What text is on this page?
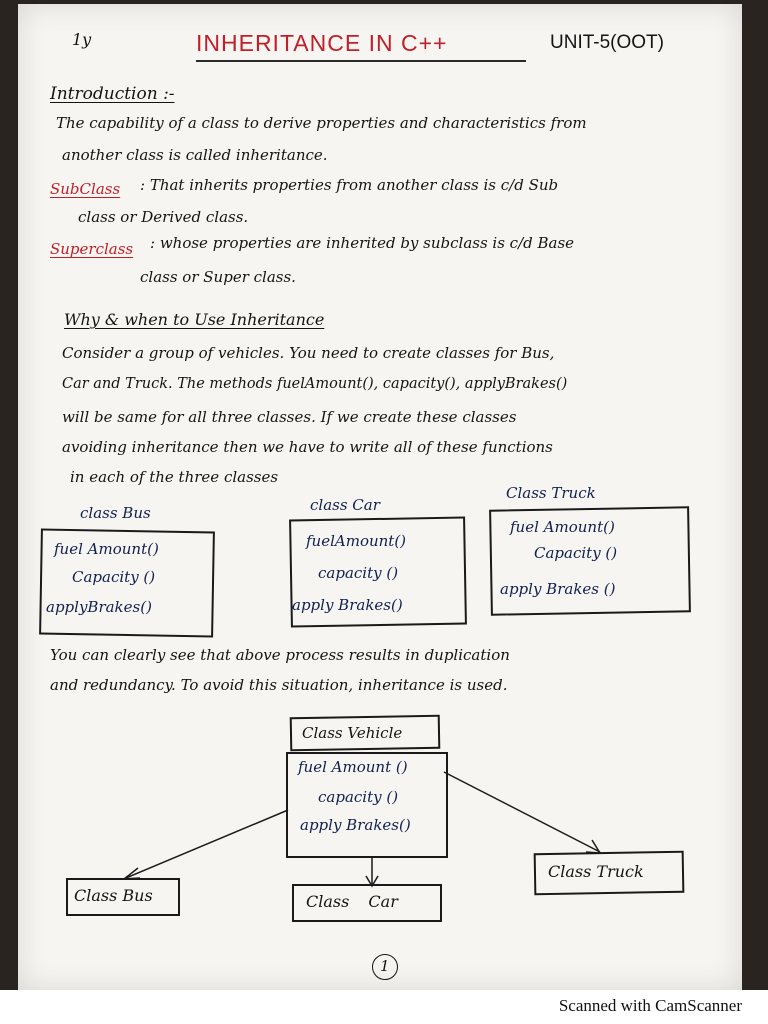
1y	INHERITANCE IN C++	UNIT-5(OOT)
Introduction :-
The capability of a class to derive properties and characteristics from
another class is called inheritance.
SubClass : That inherits properties from another class is c/d Sub
class or Derived class.
Superclass : whose properties are inherited by subclass is c/d Base
class or Super class.
Why & when to Use Inheritance
Consider a group of vehicles. You need to create classes for Bus,
Car and Truck. The methods fuelAmount(), capacity(), applyBrakes()
will be same for all three classes. If we create these classes
avoiding inheritance then we have to write all of these functions
in each of the three classes
class Bus
fuel Amount()
Capacity ()
applyBrakes()
class Car
fuelAmount()
capacity ()
apply Brakes()
Class Truck
fuel Amount()
Capacity ()
apply Brakes ()
You can clearly see that above process results in duplication
and redundancy. To avoid this situation, inheritance is used.
Class Vehicle
fuel Amount ()
capacity ()
apply Brakes()
Class Bus	Class Car
Class Truck
1
Scanned with CamScanner
